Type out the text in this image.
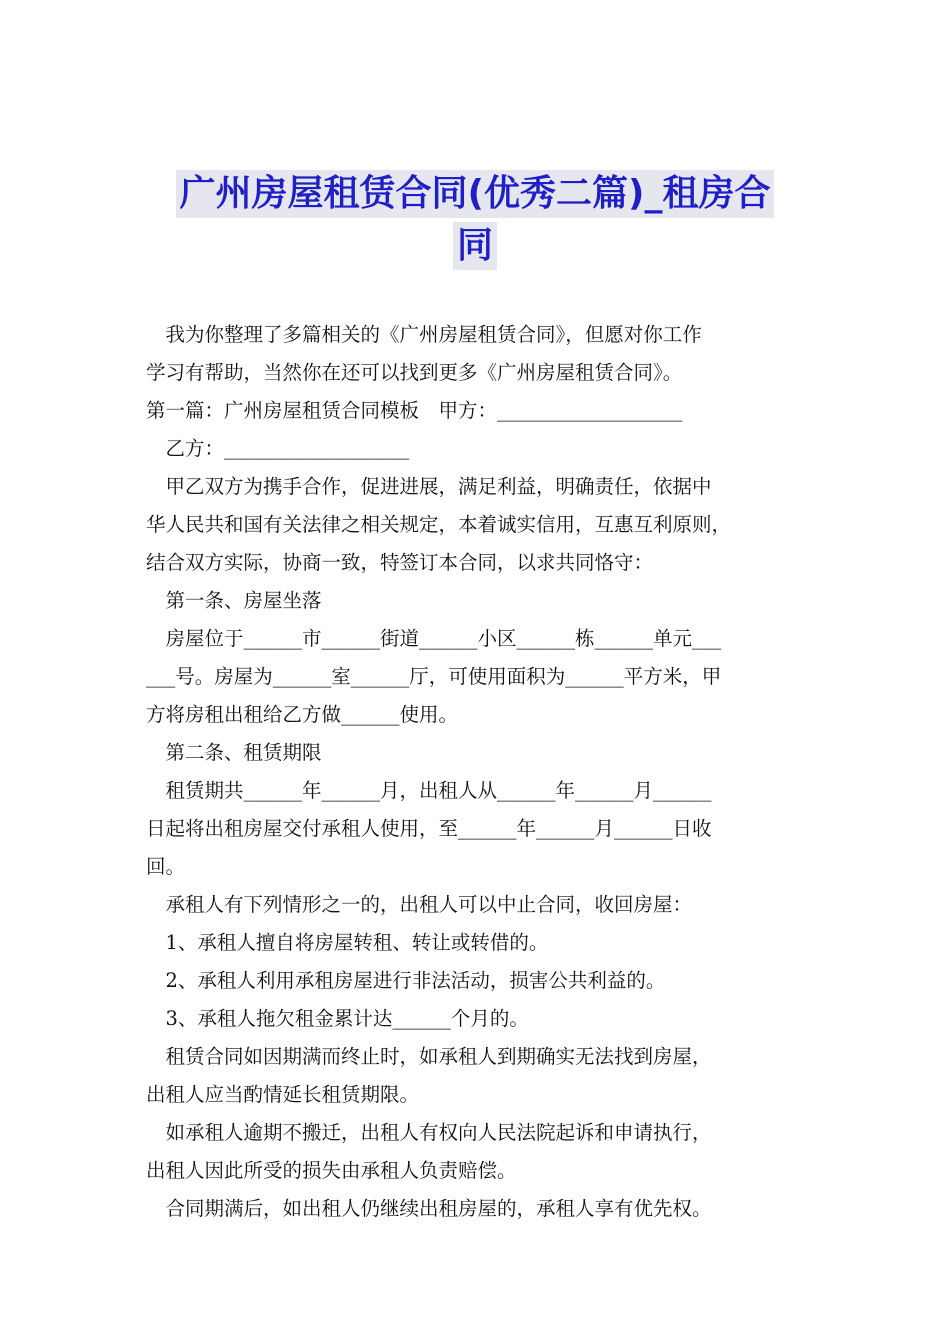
广州房屋租赁合同(优秀二篇)_租房合
同
　我为你整理了多篇相关的《广州房屋租赁合同》，但愿对你工作
学习有帮助，当然你在还可以找到更多《广州房屋租赁合同》。
第一篇：广州房屋租赁合同模板　甲方：___________________
　乙方：___________________
　甲乙双方为携手合作，促进进展，满足利益，明确责任，依据中
华人民共和国有关法律之相关规定，本着诚实信用，互惠互利原则，
结合双方实际，协商一致，特签订本合同，以求共同恪守：
　第一条、房屋坐落
　房屋位于______市______街道______小区______栋______单元___
___号。房屋为______室______厅，可使用面积为______平方米，甲
方将房租出租给乙方做______使用。
　第二条、租赁期限
　租赁期共______年______月，出租人从______年______月______
日起将出租房屋交付承租人使用，至______年______月______日收
回。
　承租人有下列情形之一的，出租人可以中止合同，收回房屋：
　1、承租人擅自将房屋转租、转让或转借的。
　2、承租人利用承租房屋进行非法活动，损害公共利益的。
　3、承租人拖欠租金累计达______个月的。
　租赁合同如因期满而终止时，如承租人到期确实无法找到房屋，
出租人应当酌情延长租赁期限。
　如承租人逾期不搬迁，出租人有权向人民法院起诉和申请执行，
出租人因此所受的损失由承租人负责赔偿。
　合同期满后，如出租人仍继续出租房屋的，承租人享有优先权。
